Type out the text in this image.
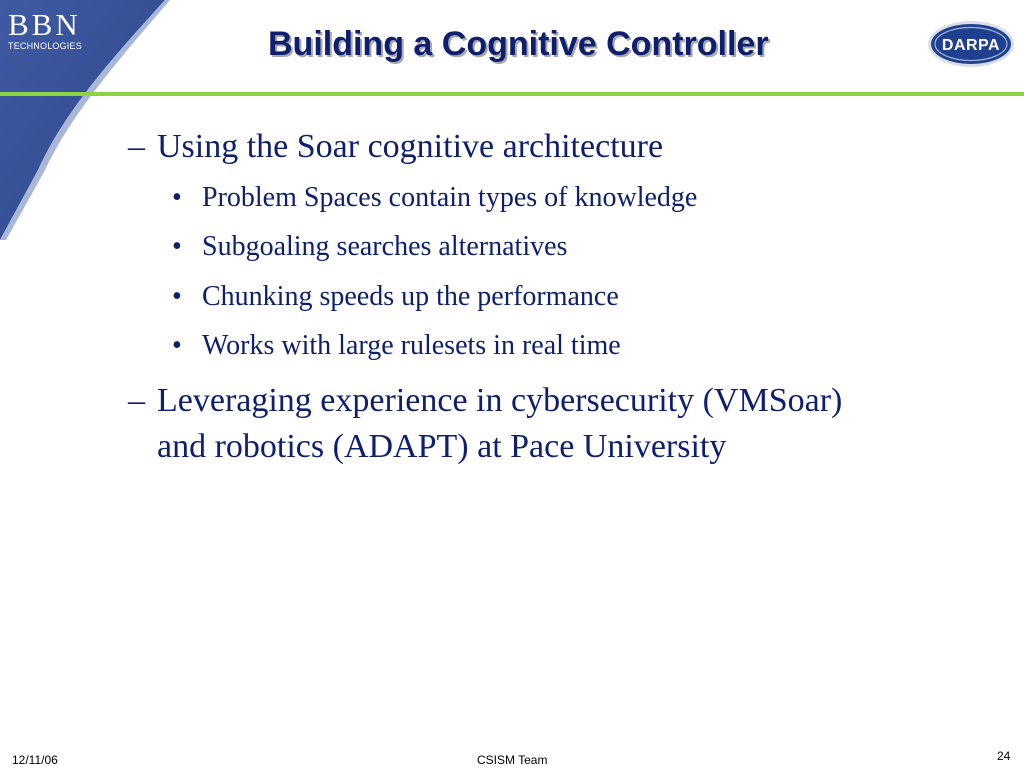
BBN
TECHNOLOGIES	Building a Cognitive Controller	DARPA
– Using the Soar cognitive architecture
• Problem Spaces contain types of knowledge
• Subgoaling searches alternatives
• Chunking speeds up the performance
• Works with large rulesets in real time
– Leveraging experience in cybersecurity (VMSoar)
and robotics (ADAPT) at Pace University
12/11/06	CSISM Team	24
